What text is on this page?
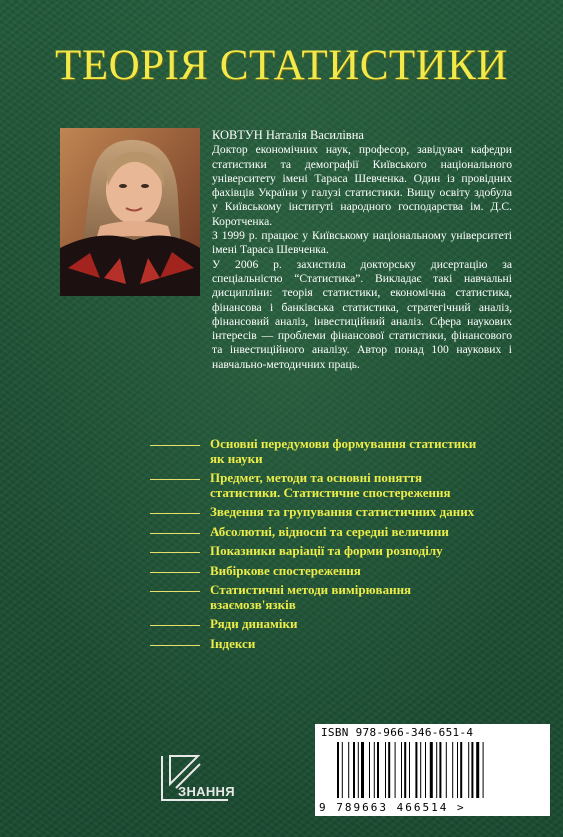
ТЕОРІЯ СТАТИСТИКИ

КОВТУН Наталія Василівна

Доктор економічних наук, професор, завідувач кафедри статистики та демографії Київського національного університету імені Тараса Шевченка. Один із провідних фахівців України у галузі статистики. Вищу освіту здобула у Київському інституті народного господарства ім. Д.С. Коротченка.

З 1999 р. працює у Київському національному університеті імені Тараса Шевченка.

У 2006 р. захистила докторську дисертацію за спеціальністю “Статистика”. Викладає такі навчальні дисципліни: теорія статистики, економічна статистика, фінансова і банківська статистика, стратегічний аналіз, фінансовий аналіз, інвестиційний аналіз. Сфера наукових інтересів — проблеми фінансової статистики, фінансового та інвестиційного аналізу. Автор понад 100 наукових і навчально-методичних праць.

Основні передумови формування статистики як науки
Предмет, методи та основні поняття статистики. Статистичне спостереження
Зведення та групування статистичних даних
Абсолютні, відносні та середні величини
Показники варіації та форми розподілу
Вибіркове спостереження
Статистичні методи вимірювання взаємозв'язків
Ряди динаміки
Індекси
ЗНАННЯ
ISBN 978-966-346-651-4
9 789663 466514 >
